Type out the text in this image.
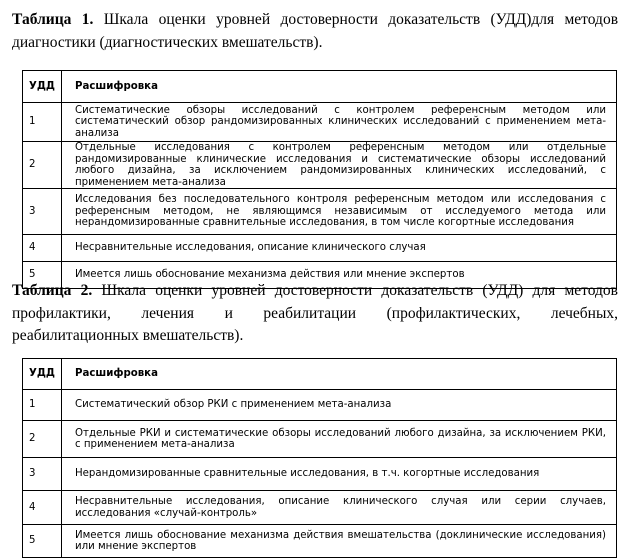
Таблица 1. Шкала оценки уровней достоверности доказательств (УДД)для методов диагностики (диагностических вмешательств).
УДД	Расшифровка
1	Систематические обзоры исследований с контролем референсным методом или систематический обзор рандомизированных клинических исследований с применением мета-анализа
2	Отдельные исследования с контролем референсным методом или отдельные рандомизированные клинические исследования и систематические обзоры исследований любого дизайна, за исключением рандомизированных клинических исследований, с применением мета-анализа
3	Исследования без последовательного контроля референсным методом или исследования с референсным методом, не являющимся независимым от исследуемого метода или нерандомизированные сравнительные исследования, в том числе когортные исследования
4	Несравнительные исследования, описание клинического случая
5	Имеется лишь обоснование механизма действия или мнение экспертов
Таблица 2. Шкала оценки уровней достоверности доказательств (УДД) для методов
профилактики, лечения и реабилитации (профилактических, лечебных,
реабилитационных вмешательств).
УДД	Расшифровка
1	Систематический обзор РКИ с применением мета-анализа
2	Отдельные РКИ и систематические обзоры исследований любого дизайна, за исключением РКИ, с применением мета-анализа
3	Нерандомизированные сравнительные исследования, в т.ч. когортные исследования
4	Несравнительные исследования, описание клинического случая или серии случаев, исследования «случай-контроль»
5	Имеется лишь обоснование механизма действия вмешательства (доклинические исследования) или мнение экспертов
